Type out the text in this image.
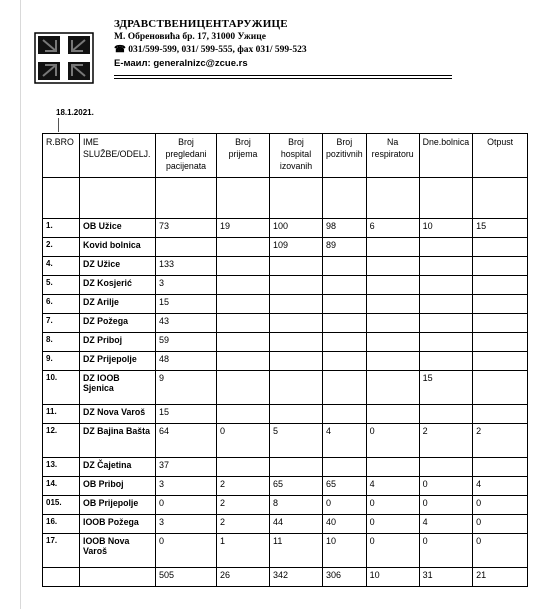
ЗДРАВСТВЕНИЦЕНТАРУЖИЦЕ
М. Обреновића бр. 17, 31000 Ужице
☎ 031/599-599, 031/ 599-555, фах 031/ 599-523
E-маил: generalnizc@zcue.rs
18.1.2021.
R.BRO	IME SLUŽBE/ODELJ.	Broj pregledani pacijenata	Broj prijema	Broj hospital izovanih	Broj pozitivnih	Na respiratoru	Dne.bolnica	Otpust

1.	OB Užice	73	19	100	98	6	10	15
2.	Kovid bolnica			109	89			
4.	DZ Užice	133						
5.	DZ Kosjerić	3						
6.	DZ Arilje	15						
7.	DZ Požega	43						
8.	DZ Priboj	59						
9.	DZ Prijepolje	48						
10.	DZ IOOB Sjenica	9					15	
11.	DZ Nova Varoš	15						
12.	DZ Bajina Bašta	64	0	5	4	0	2	2
13.	DZ Čajetina	37						
14.	OB Priboj	3	2	65	65	4	0	4
015.	OB Prijepolje	0	2	8	0	0	0	0
16.	IOOB Požega	3	2	44	40	0	4	0
17.	IOOB Nova Varoš	0	1	11	10	0	0	0
		505	26	342	306	10	31	21
